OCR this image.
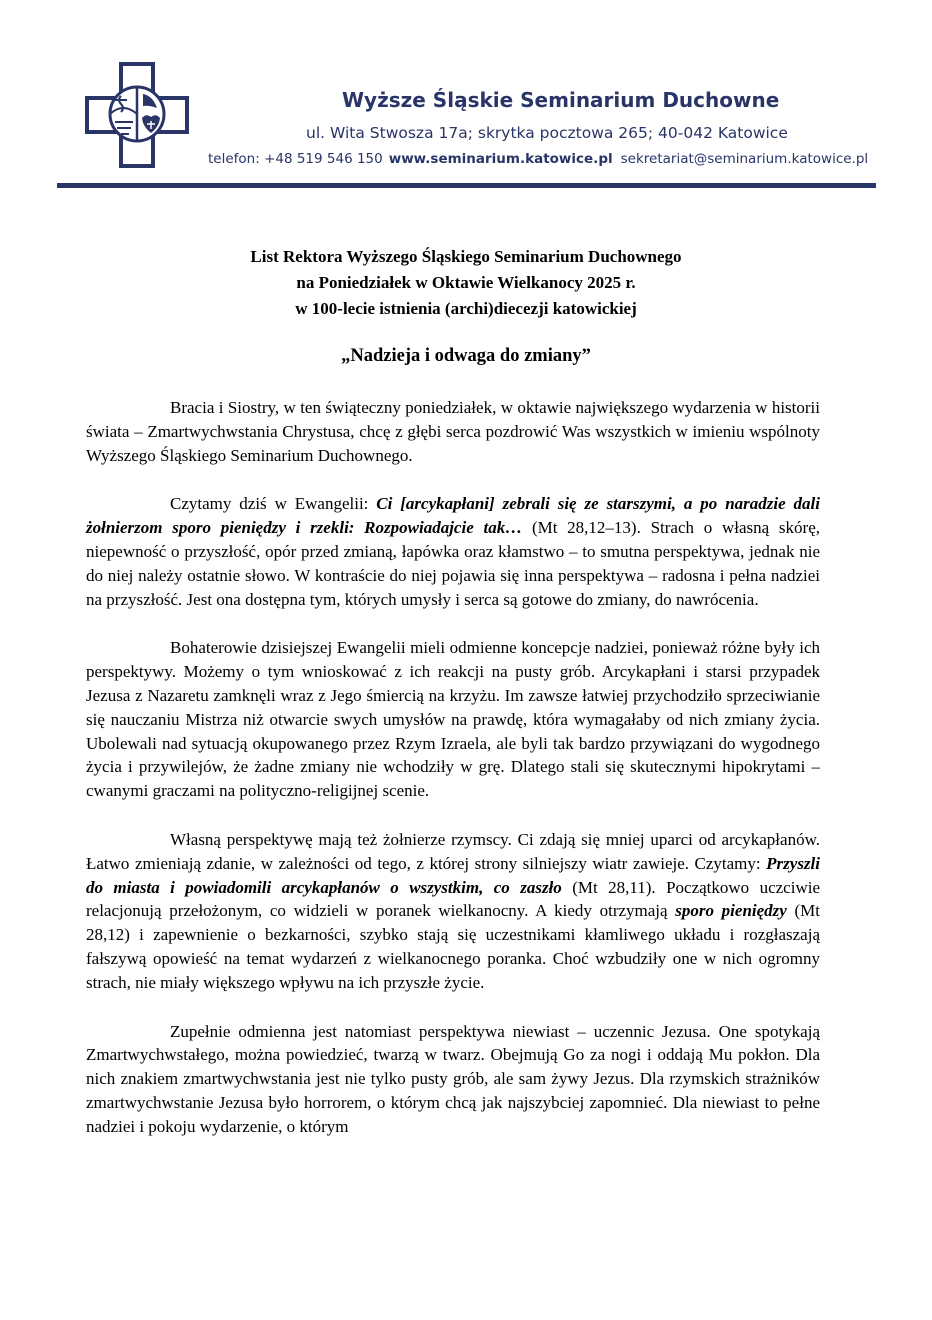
Wyższe Śląskie Seminarium Duchowne
ul. Wita Stwosza 17a; skrytka pocztowa 265; 40-042 Katowice
telefon: +48 519 546 150 www.seminarium.katowice.pl sekretariat@seminarium.katowice.pl
List Rektora Wyższego Śląskiego Seminarium Duchownego
na Poniedziałek w Oktawie Wielkanocy 2025 r.
w 100-lecie istnienia (archi)diecezji katowickiej
„Nadzieja i odwaga do zmiany”

Bracia i Siostry, w ten świąteczny poniedziałek, w oktawie największego wydarzenia w historii świata – Zmartwychwstania Chrystusa, chcę z głębi serca pozdrowić Was wszystkich w imieniu wspólnoty Wyższego Śląskiego Seminarium Duchownego.

Czytamy dziś w Ewangelii: Ci [arcykapłani] zebrali się ze starszymi, a po naradzie dali żołnierzom sporo pieniędzy i rzekli: Rozpowiadajcie tak… (Mt 28,12–13). Strach o własną skórę, niepewność o przyszłość, opór przed zmianą, łapówka oraz kłamstwo – to smutna perspektywa, jednak nie do niej należy ostatnie słowo. W kontraście do niej pojawia się inna perspektywa – radosna i pełna nadziei na przyszłość. Jest ona dostępna tym, których umysły i serca są gotowe do zmiany, do nawrócenia.

Bohaterowie dzisiejszej Ewangelii mieli odmienne koncepcje nadziei, ponieważ różne były ich perspektywy. Możemy o tym wnioskować z ich reakcji na pusty grób. Arcykapłani i starsi przypadek Jezusa z Nazaretu zamknęli wraz z Jego śmiercią na krzyżu. Im zawsze łatwiej przychodziło sprzeciwianie się nauczaniu Mistrza niż otwarcie swych umysłów na prawdę, która wymagałaby od nich zmiany życia. Ubolewali nad sytuacją okupowanego przez Rzym Izraela, ale byli tak bardzo przywiązani do wygodnego życia i przywilejów, że żadne zmiany nie wchodziły w grę. Dlatego stali się skutecznymi hipokrytami – cwanymi graczami na polityczno-religijnej scenie.

Własną perspektywę mają też żołnierze rzymscy. Ci zdają się mniej uparci od arcykapłanów. Łatwo zmieniają zdanie, w zależności od tego, z której strony silniejszy wiatr zawieje. Czytamy: Przyszli do miasta i powiadomili arcykapłanów o wszystkim, co zaszło (Mt 28,11). Początkowo uczciwie relacjonują przełożonym, co widzieli w poranek wielkanocny. A kiedy otrzymają sporo pieniędzy (Mt 28,12) i zapewnienie o bezkarności, szybko stają się uczestnikami kłamliwego układu i rozgłaszają fałszywą opowieść na temat wydarzeń z wielkanocnego poranka. Choć wzbudziły one w nich ogromny strach, nie miały większego wpływu na ich przyszłe życie.

Zupełnie odmienna jest natomiast perspektywa niewiast – uczennic Jezusa. One spotykają Zmartwychwstałego, można powiedzieć, twarzą w twarz. Obejmują Go za nogi i oddają Mu pokłon. Dla nich znakiem zmartwychwstania jest nie tylko pusty grób, ale sam żywy Jezus. Dla rzymskich strażników zmartwychwstanie Jezusa było horrorem, o którym chcą jak najszybciej zapomnieć. Dla niewiast to pełne nadziei i pokoju wydarzenie, o którym
